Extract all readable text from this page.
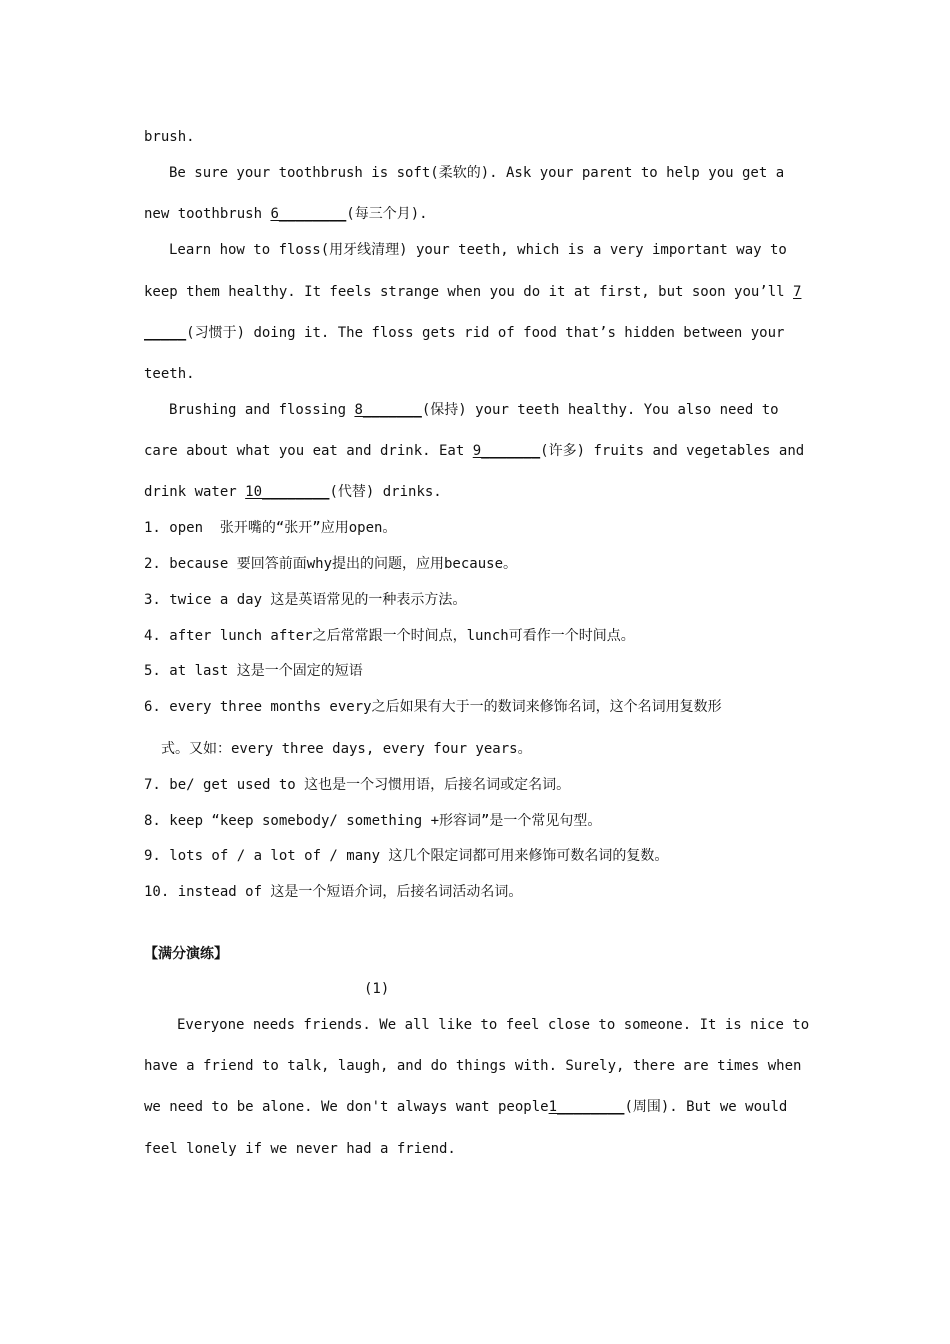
brush.
Be sure your toothbrush is soft(柔软的). Ask your parent to help you get a
new toothbrush 6________(每三个月).
Learn how to floss(用牙线清理) your teeth, which is a very important way to
keep them healthy. It feels strange when you do it at first, but soon you’ll 7
_____(习惯于) doing it. The floss gets rid of food that’s hidden between your
teeth.
Brushing and flossing 8_______(保持) your teeth healthy. You also need to
care about what you eat and drink. Eat 9_______(许多) fruits and vegetables and
drink water 10________(代替) drinks.
1. open  张开嘴的“张开”应用open。
2. because 要回答前面why提出的问题，应用because。
3. twice a day 这是英语常见的一种表示方法。
4. after lunch after之后常常跟一个时间点，lunch可看作一个时间点。
5. at last 这是一个固定的短语
6. every three months every之后如果有大于一的数词来修饰名词，这个名词用复数形
式。又如：every three days, every four years。
7. be/ get used to 这也是一个习惯用语，后接名词或定名词。
8. keep “keep somebody/ something +形容词”是一个常见句型。
9. lots of / a lot of / many 这几个限定词都可用来修饰可数名词的复数。
10. instead of 这是一个短语介词，后接名词活动名词。
【满分演练】
(1)
Everyone needs friends. We all like to feel close to someone. It is nice to
have a friend to talk, laugh, and do things with. Surely, there are times when
we need to be alone. We don't always want people1________(周围). But we would
feel lonely if we never had a friend.
